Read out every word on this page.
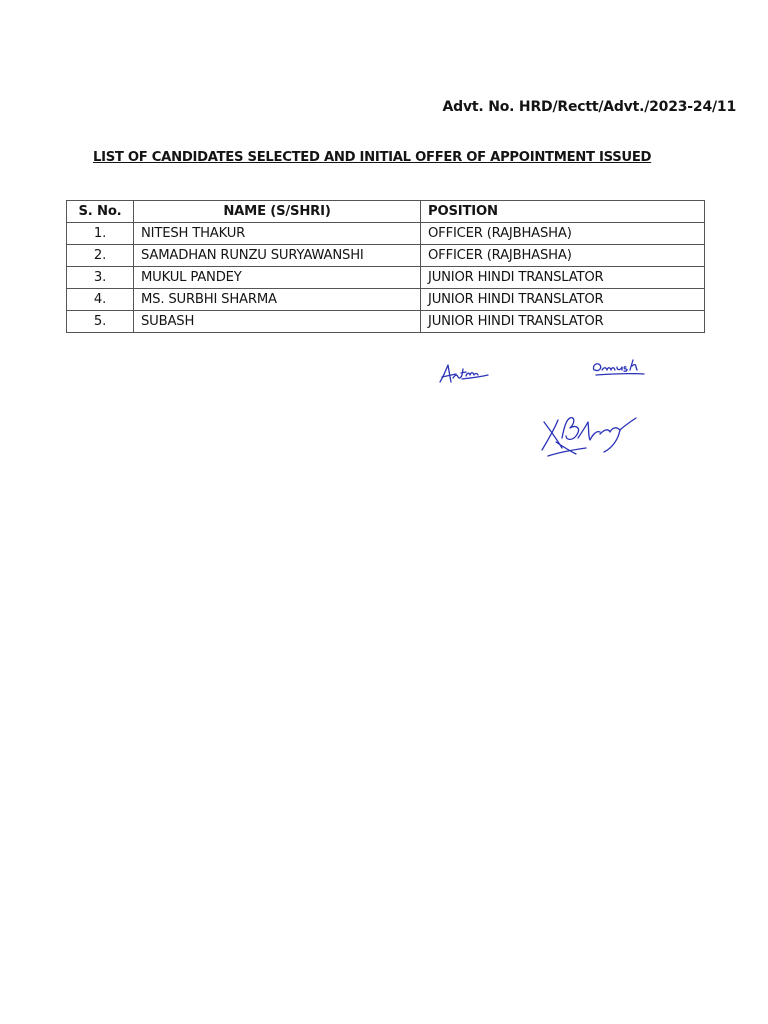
Advt. No. HRD/Rectt/Advt./2023-24/11
LIST OF CANDIDATES SELECTED AND INITIAL OFFER OF APPOINTMENT ISSUED
S. No.	NAME (S/SHRI)	POSITION
1.	NITESH THAKUR	OFFICER (RAJBHASHA)
2.	SAMADHAN RUNZU SURYAWANSHI	OFFICER (RAJBHASHA)
3.	MUKUL PANDEY	JUNIOR HINDI TRANSLATOR
4.	MS. SURBHI SHARMA	JUNIOR HINDI TRANSLATOR
5.	SUBASH	JUNIOR HINDI TRANSLATOR
